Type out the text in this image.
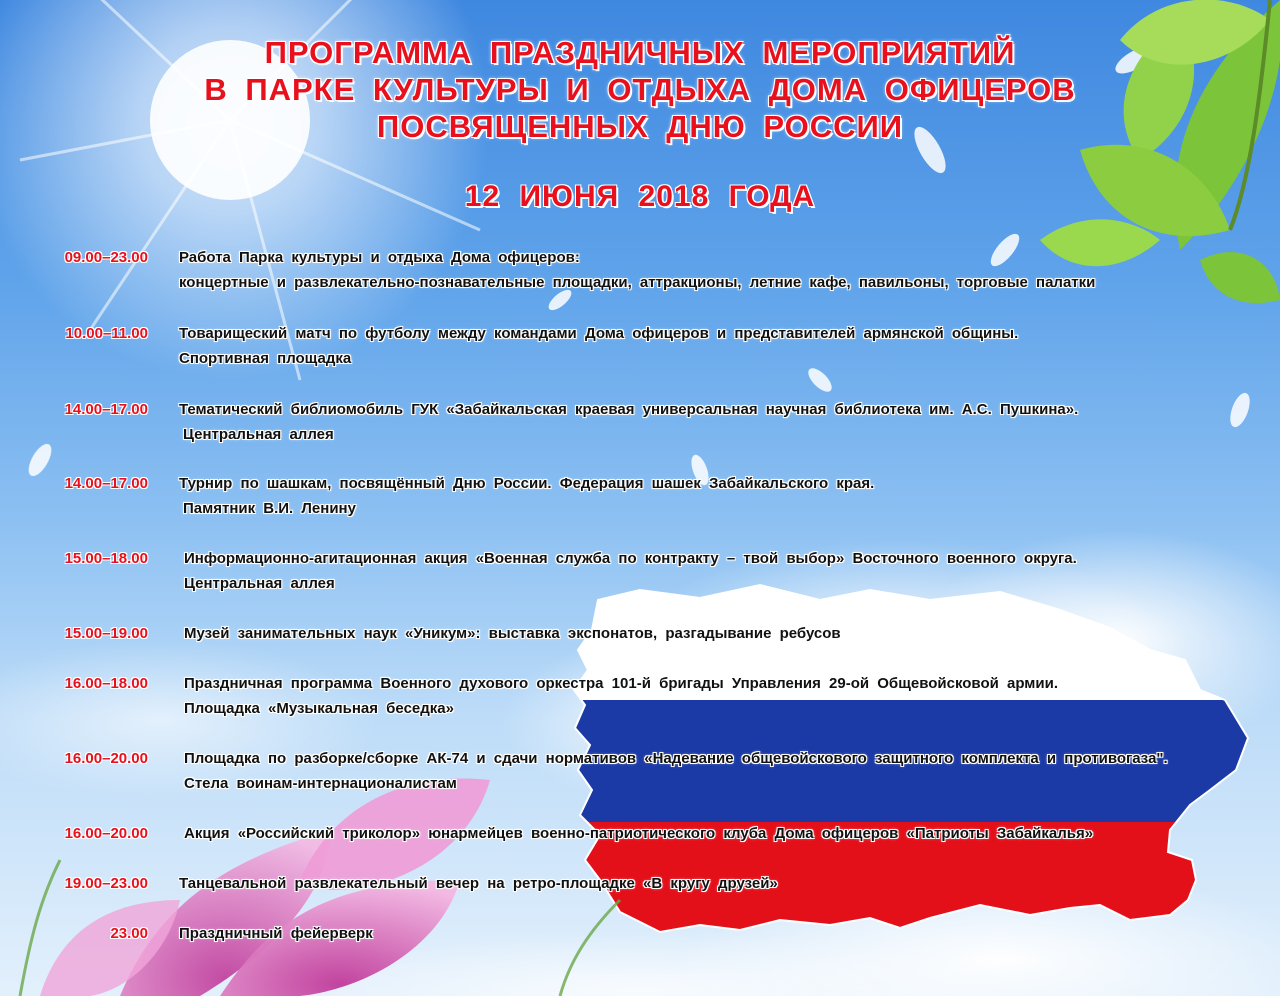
ПРОГРАММА ПРАЗДНИЧНЫХ МЕРОПРИЯТИЙ
В ПАРКЕ КУЛЬТУРЫ И ОТДЫХА ДОМА ОФИЦЕРОВ
ПОСВЯЩЕННЫХ ДНЮ РОССИИ
12 ИЮНЯ 2018 ГОДА
09.00–23.00 Работа Парка культуры и отдыха Дома офицеров:
концертные и развлекательно-познавательные площадки, аттракционы, летние кафе, павильоны, торговые палатки
10.00–11.00 Товарищеский матч по футболу между командами Дома офицеров и представителей армянской общины.
Спортивная площадка
14.00–17.00 Тематический библиомобиль ГУК «Забайкальская краевая универсальная научная библиотека им. А.С. Пушкина».
Центральная аллея
14.00–17.00 Турнир по шашкам, посвящённый Дню России. Федерация шашек Забайкальского края.
Памятник В.И. Ленину
15.00–18.00 Информационно-агитационная акция «Военная служба по контракту – твой выбор» Восточного военного округа.
Центральная аллея
15.00–19.00 Музей занимательных наук «Уникум»: выставка экспонатов, разгадывание ребусов
16.00–18.00 Праздничная программа Военного духового оркестра 101-й бригады Управления 29-ой Общевойсковой армии.
Площадка «Музыкальная беседка»
16.00–20.00 Площадка по разборке/сборке АК-74 и сдачи нормативов «Надевание общевойскового защитного комплекта и противогаза".
Стела воинам-интернационалистам
16.00–20.00 Акция «Российский триколор» юнармейцев военно-патриотического клуба Дома офицеров «Патриоты Забайкалья»
19.00–23.00 Танцевальной развлекательный вечер на ретро-площадке «В кругу друзей»
23.00 Праздничный фейерверк
